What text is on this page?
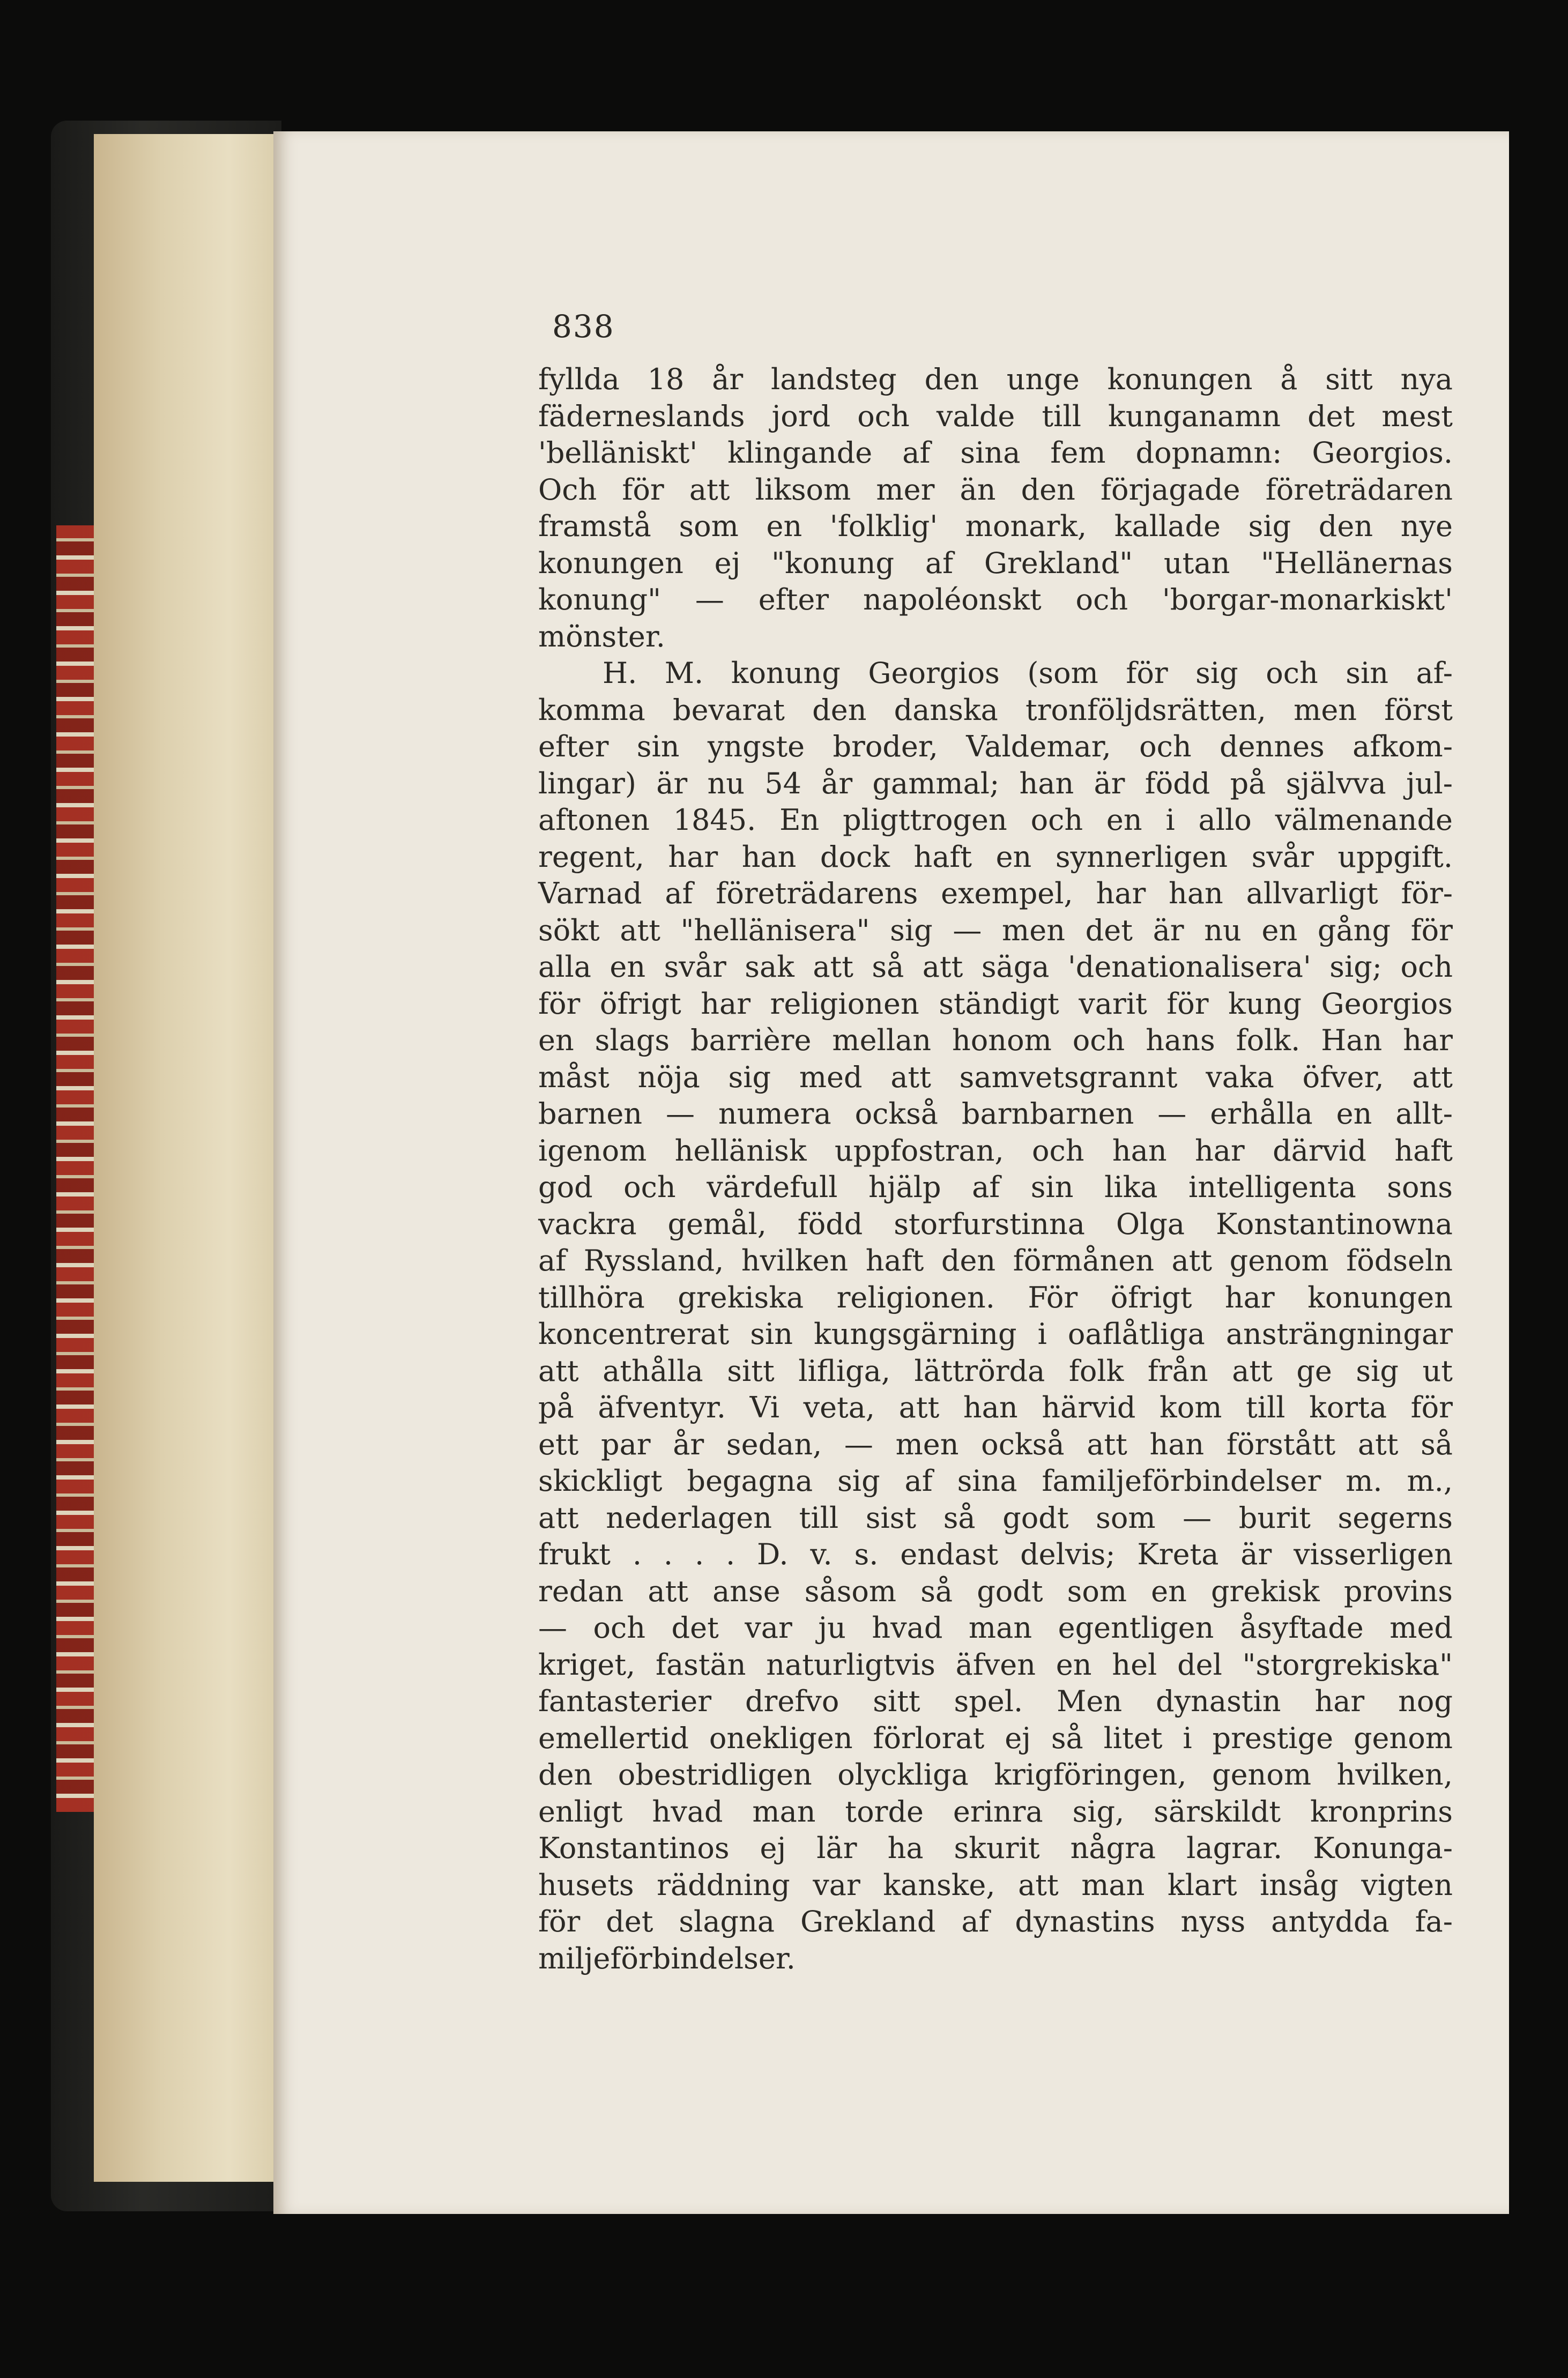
838
fyllda 18 år landsteg den unge konungen å sitt nya
fäderneslands jord och valde till kunganamn det mest
'belläniskt' klingande af sina fem dopnamn: Georgios.
Och för att liksom mer än den förjagade företrädaren
framstå som en 'folklig' monark, kallade sig den nye
konungen ej "konung af Grekland" utan "Hellänernas
konung" — efter napoléonskt och 'borgar-monarkiskt'
mönster.
H. M. konung Georgios (som för sig och sin af-
komma bevarat den danska tronföljdsrätten, men först
efter sin yngste broder, Valdemar, och dennes afkom-
lingar) är nu 54 år gammal; han är född på självva jul-
aftonen 1845. En pligttrogen och en i allo välmenande
regent, har han dock haft en synnerligen svår uppgift.
Varnad af företrädarens exempel, har han allvarligt för-
sökt att "hellänisera" sig — men det är nu en gång för
alla en svår sak att så att säga 'denationalisera' sig; och
för öfrigt har religionen ständigt varit för kung Georgios
en slags barrière mellan honom och hans folk. Han har
måst nöja sig med att samvetsgrannt vaka öfver, att
barnen — numera också barnbarnen — erhålla en allt-
igenom hellänisk uppfostran, och han har därvid haft
god och värdefull hjälp af sin lika intelligenta sons
vackra gemål, född storfurstinna Olga Konstantinowna
af Ryssland, hvilken haft den förmånen att genom födseln
tillhöra grekiska religionen. För öfrigt har konungen
koncentrerat sin kungsgärning i oaflåtliga ansträngningar
att athålla sitt lifliga, lättrörda folk från att ge sig ut
på äfventyr. Vi veta, att han härvid kom till korta för
ett par år sedan, — men också att han förstått att så
skickligt begagna sig af sina familjeförbindelser m. m.,
att nederlagen till sist så godt som — burit segerns
frukt . . . . D. v. s. endast delvis; Kreta är visserligen
redan att anse såsom så godt som en grekisk provins
— och det var ju hvad man egentligen åsyftade med
kriget, fastän naturligtvis äfven en hel del "storgrekiska"
fantasterier drefvo sitt spel. Men dynastin har nog
emellertid onekligen förlorat ej så litet i prestige genom
den obestridligen olyckliga krigföringen, genom hvilken,
enligt hvad man torde erinra sig, särskildt kronprins
Konstantinos ej lär ha skurit några lagrar. Konunga-
husets räddning var kanske, att man klart insåg vigten
för det slagna Grekland af dynastins nyss antydda fa-
miljeförbindelser.
